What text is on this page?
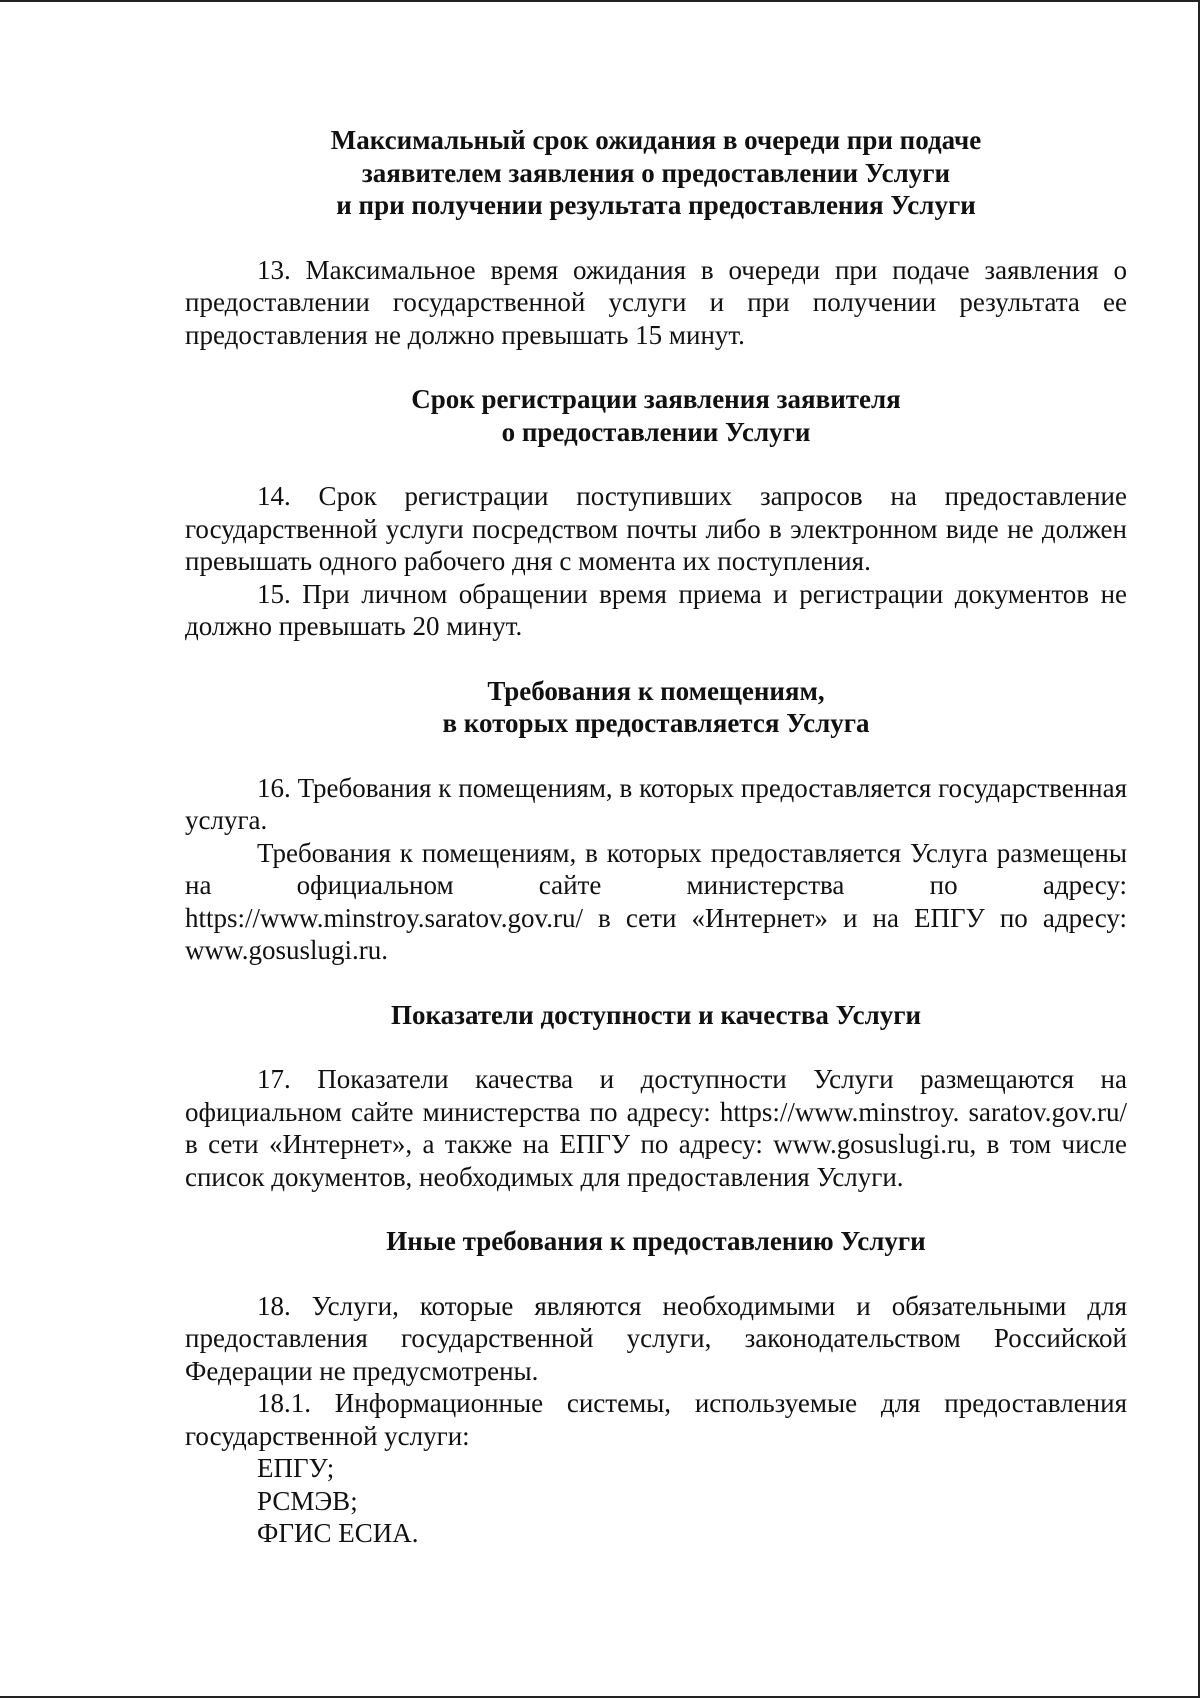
Максимальный срок ожидания в очереди при подаче
заявителем заявления о предоставлении Услуги
и при получении результата предоставления Услуги

13. Максимальное время ожидания в очереди при подаче заявления о предоставлении государственной услуги и при получении результата ее предоставления не должно превышать 15 минут.

Срок регистрации заявления заявителя
о предоставлении Услуги

14. Срок регистрации поступивших запросов на предоставление государственной услуги посредством почты либо в электронном виде не должен превышать одного рабочего дня с момента их поступления.

15. При личном обращении время приема и регистрации документов не должно превышать 20 минут.

Требования к помещениям,
в которых предоставляется Услуга

16. Требования к помещениям, в которых предоставляется государственная услуга.

Требования к помещениям, в которых предоставляется Услуга размещены на официальном сайте министерства по адресу: https://www.minstroy.saratov.gov.ru/ в сети «Интернет» и на ЕПГУ по адресу: www.gosuslugi.ru.

Показатели доступности и качества Услуги

17. Показатели качества и доступности Услуги размещаются на официальном сайте министерства по адресу: https://www.minstroy. saratov.gov.ru/ в сети «Интернет», а также на ЕПГУ по адресу: www.gosuslugi.ru, в том числе список документов, необходимых для предоставления Услуги.

Иные требования к предоставлению Услуги

18. Услуги, которые являются необходимыми и обязательными для предоставления государственной услуги, законодательством Российской Федерации не предусмотрены.

18.1. Информационные системы, используемые для предоставления государственной услуги:

ЕПГУ;

РСМЭВ;

ФГИС ЕСИА.
